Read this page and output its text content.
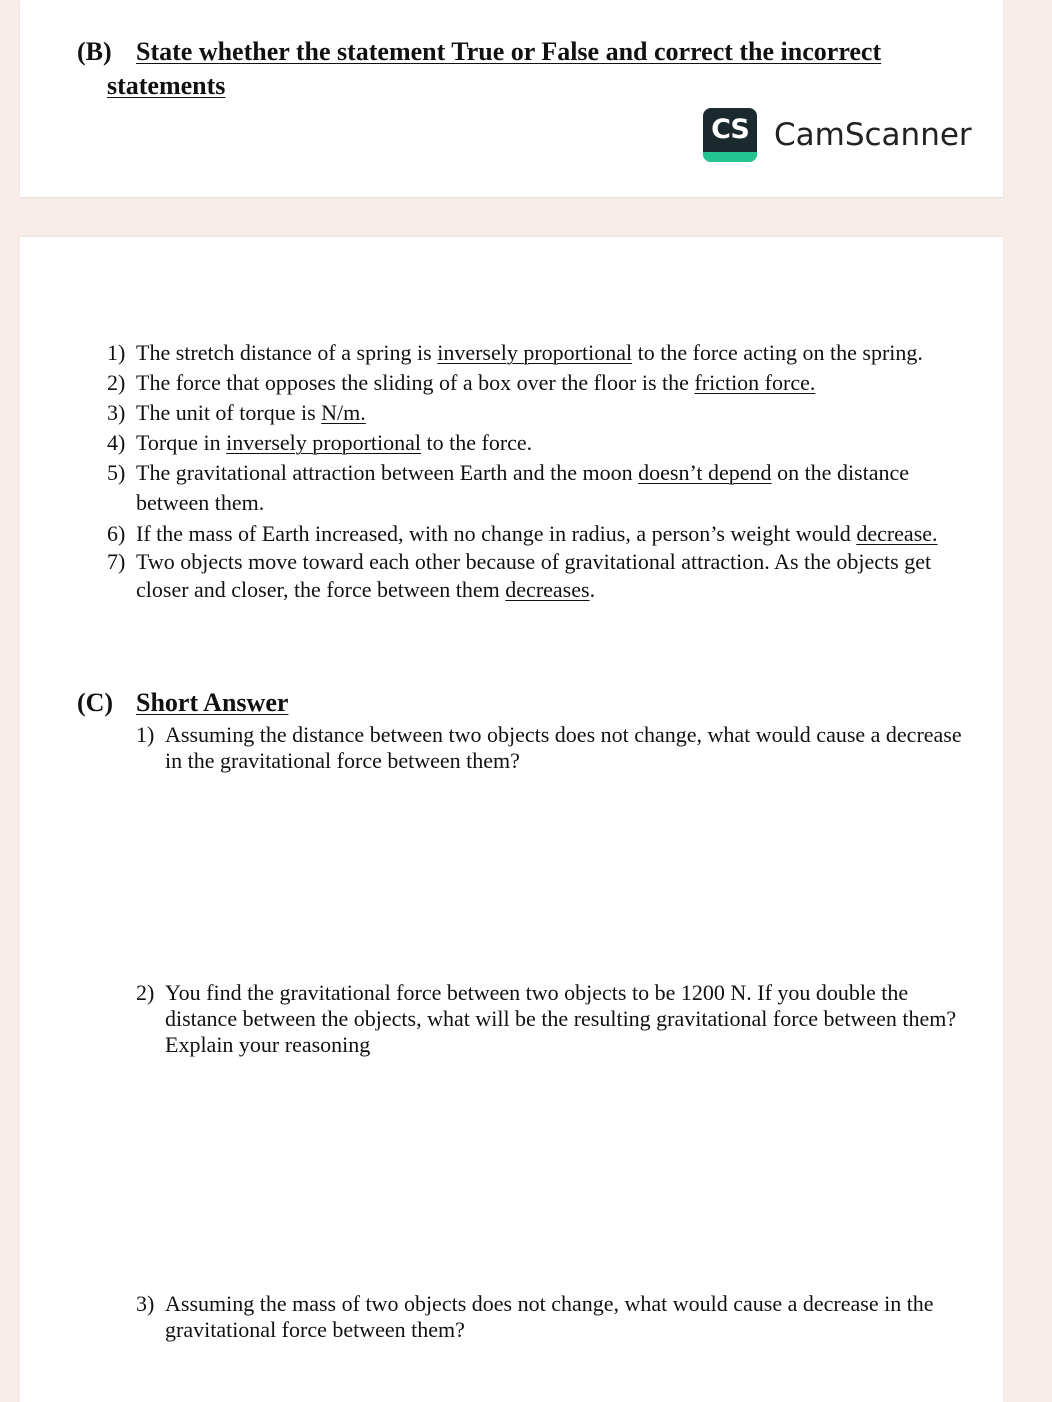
(B) State whether the statement True or False and correct the incorrect
statements
CS CamScanner
1) The stretch distance of a spring is inversely proportional to the force acting on the spring.
2) The force that opposes the sliding of a box over the floor is the friction force.
3) The unit of torque is N/m.
4) Torque in inversely proportional to the force.
5) The gravitational attraction between Earth and the moon doesn’t depend on the distance between them.
6) If the mass of Earth increased, with no change in radius, a person’s weight would decrease.
7) Two objects move toward each other because of gravitational attraction. As the objects get closer and closer, the force between them decreases.
(C) Short Answer
1) Assuming the distance between two objects does not change, what would cause a decrease in the gravitational force between them?
2) You find the gravitational force between two objects to be 1200 N. If you double the distance between the objects, what will be the resulting gravitational force between them? Explain your reasoning
3) Assuming the mass of two objects does not change, what would cause a decrease in the gravitational force between them?
